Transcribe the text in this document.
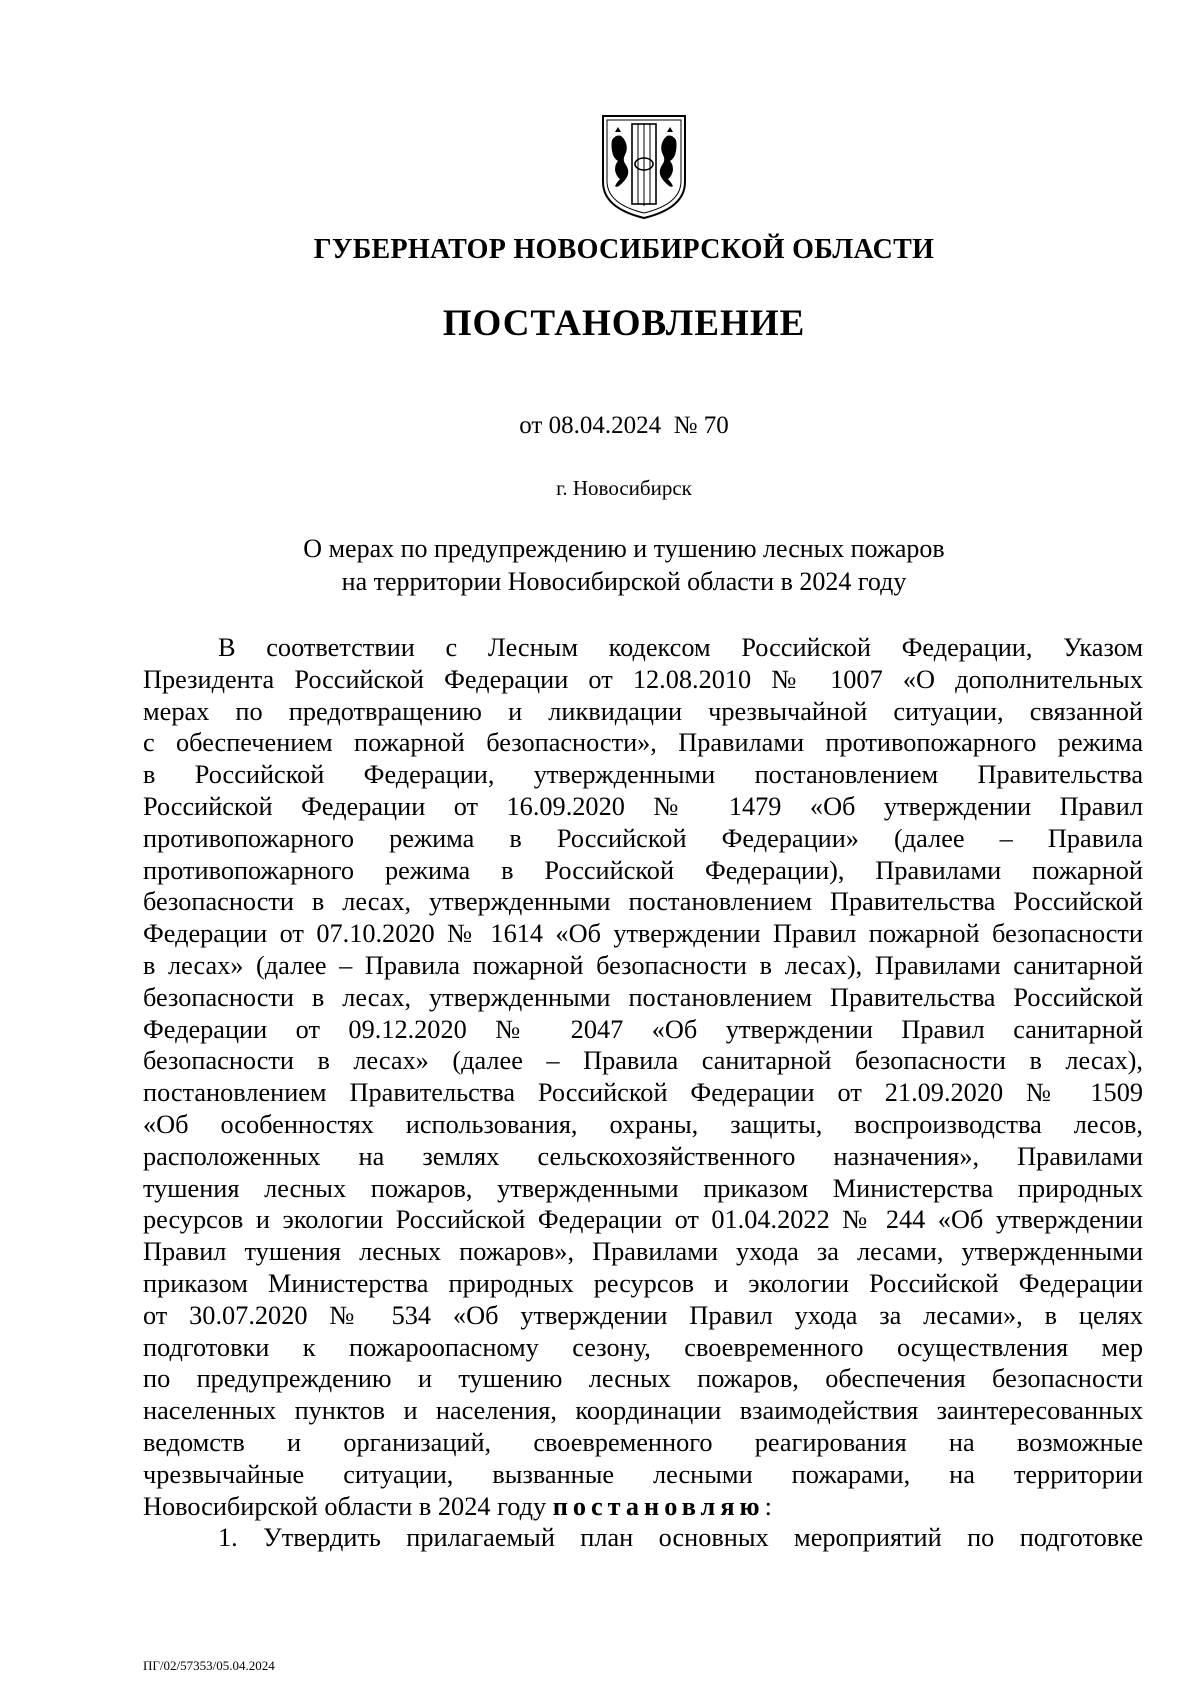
ГУБЕРНАТОР НОВОСИБИРСКОЙ ОБЛАСТИ
ПОСТАНОВЛЕНИЕ
от 08.04.2024  № 70
г. Новосибирск
О мерах по предупреждению и тушению лесных пожаров
на территории Новосибирской области в 2024 году
В соответствии с Лесным кодексом Российской Федерации, Указом
Президента Российской Федерации от 12.08.2010 № 1007 «О дополнительных
мерах по предотвращению и ликвидации чрезвычайной ситуации, связанной
с обеспечением пожарной безопасности», Правилами противопожарного режима
в Российской Федерации, утвержденными постановлением Правительства
Российской Федерации от 16.09.2020 № 1479 «Об утверждении Правил
противопожарного режима в Российской Федерации» (далее – Правила
противопожарного режима в Российской Федерации), Правилами пожарной
безопасности в лесах, утвержденными постановлением Правительства Российской
Федерации от 07.10.2020 № 1614 «Об утверждении Правил пожарной безопасности
в лесах» (далее – Правила пожарной безопасности в лесах), Правилами санитарной
безопасности в лесах, утвержденными постановлением Правительства Российской
Федерации от 09.12.2020 № 2047 «Об утверждении Правил санитарной
безопасности в лесах» (далее – Правила санитарной безопасности в лесах),
постановлением Правительства Российской Федерации от 21.09.2020 № 1509
«Об особенностях использования, охраны, защиты, воспроизводства лесов,
расположенных на землях сельскохозяйственного назначения», Правилами
тушения лесных пожаров, утвержденными приказом Министерства природных
ресурсов и экологии Российской Федерации от 01.04.2022 № 244 «Об утверждении
Правил тушения лесных пожаров», Правилами ухода за лесами, утвержденными
приказом Министерства природных ресурсов и экологии Российской Федерации
от 30.07.2020 № 534 «Об утверждении Правил ухода за лесами», в целях
подготовки к пожароопасному сезону, своевременного осуществления мер
по предупреждению и тушению лесных пожаров, обеспечения безопасности
населенных пунктов и населения, координации взаимодействия заинтересованных
ведомств и организаций, своевременного реагирования на возможные
чрезвычайные ситуации, вызванные лесными пожарами, на территории
Новосибирской области в 2024 году постановляю:
1. Утвердить прилагаемый план основных мероприятий по подготовке
ПГ/02/57353/05.04.2024
